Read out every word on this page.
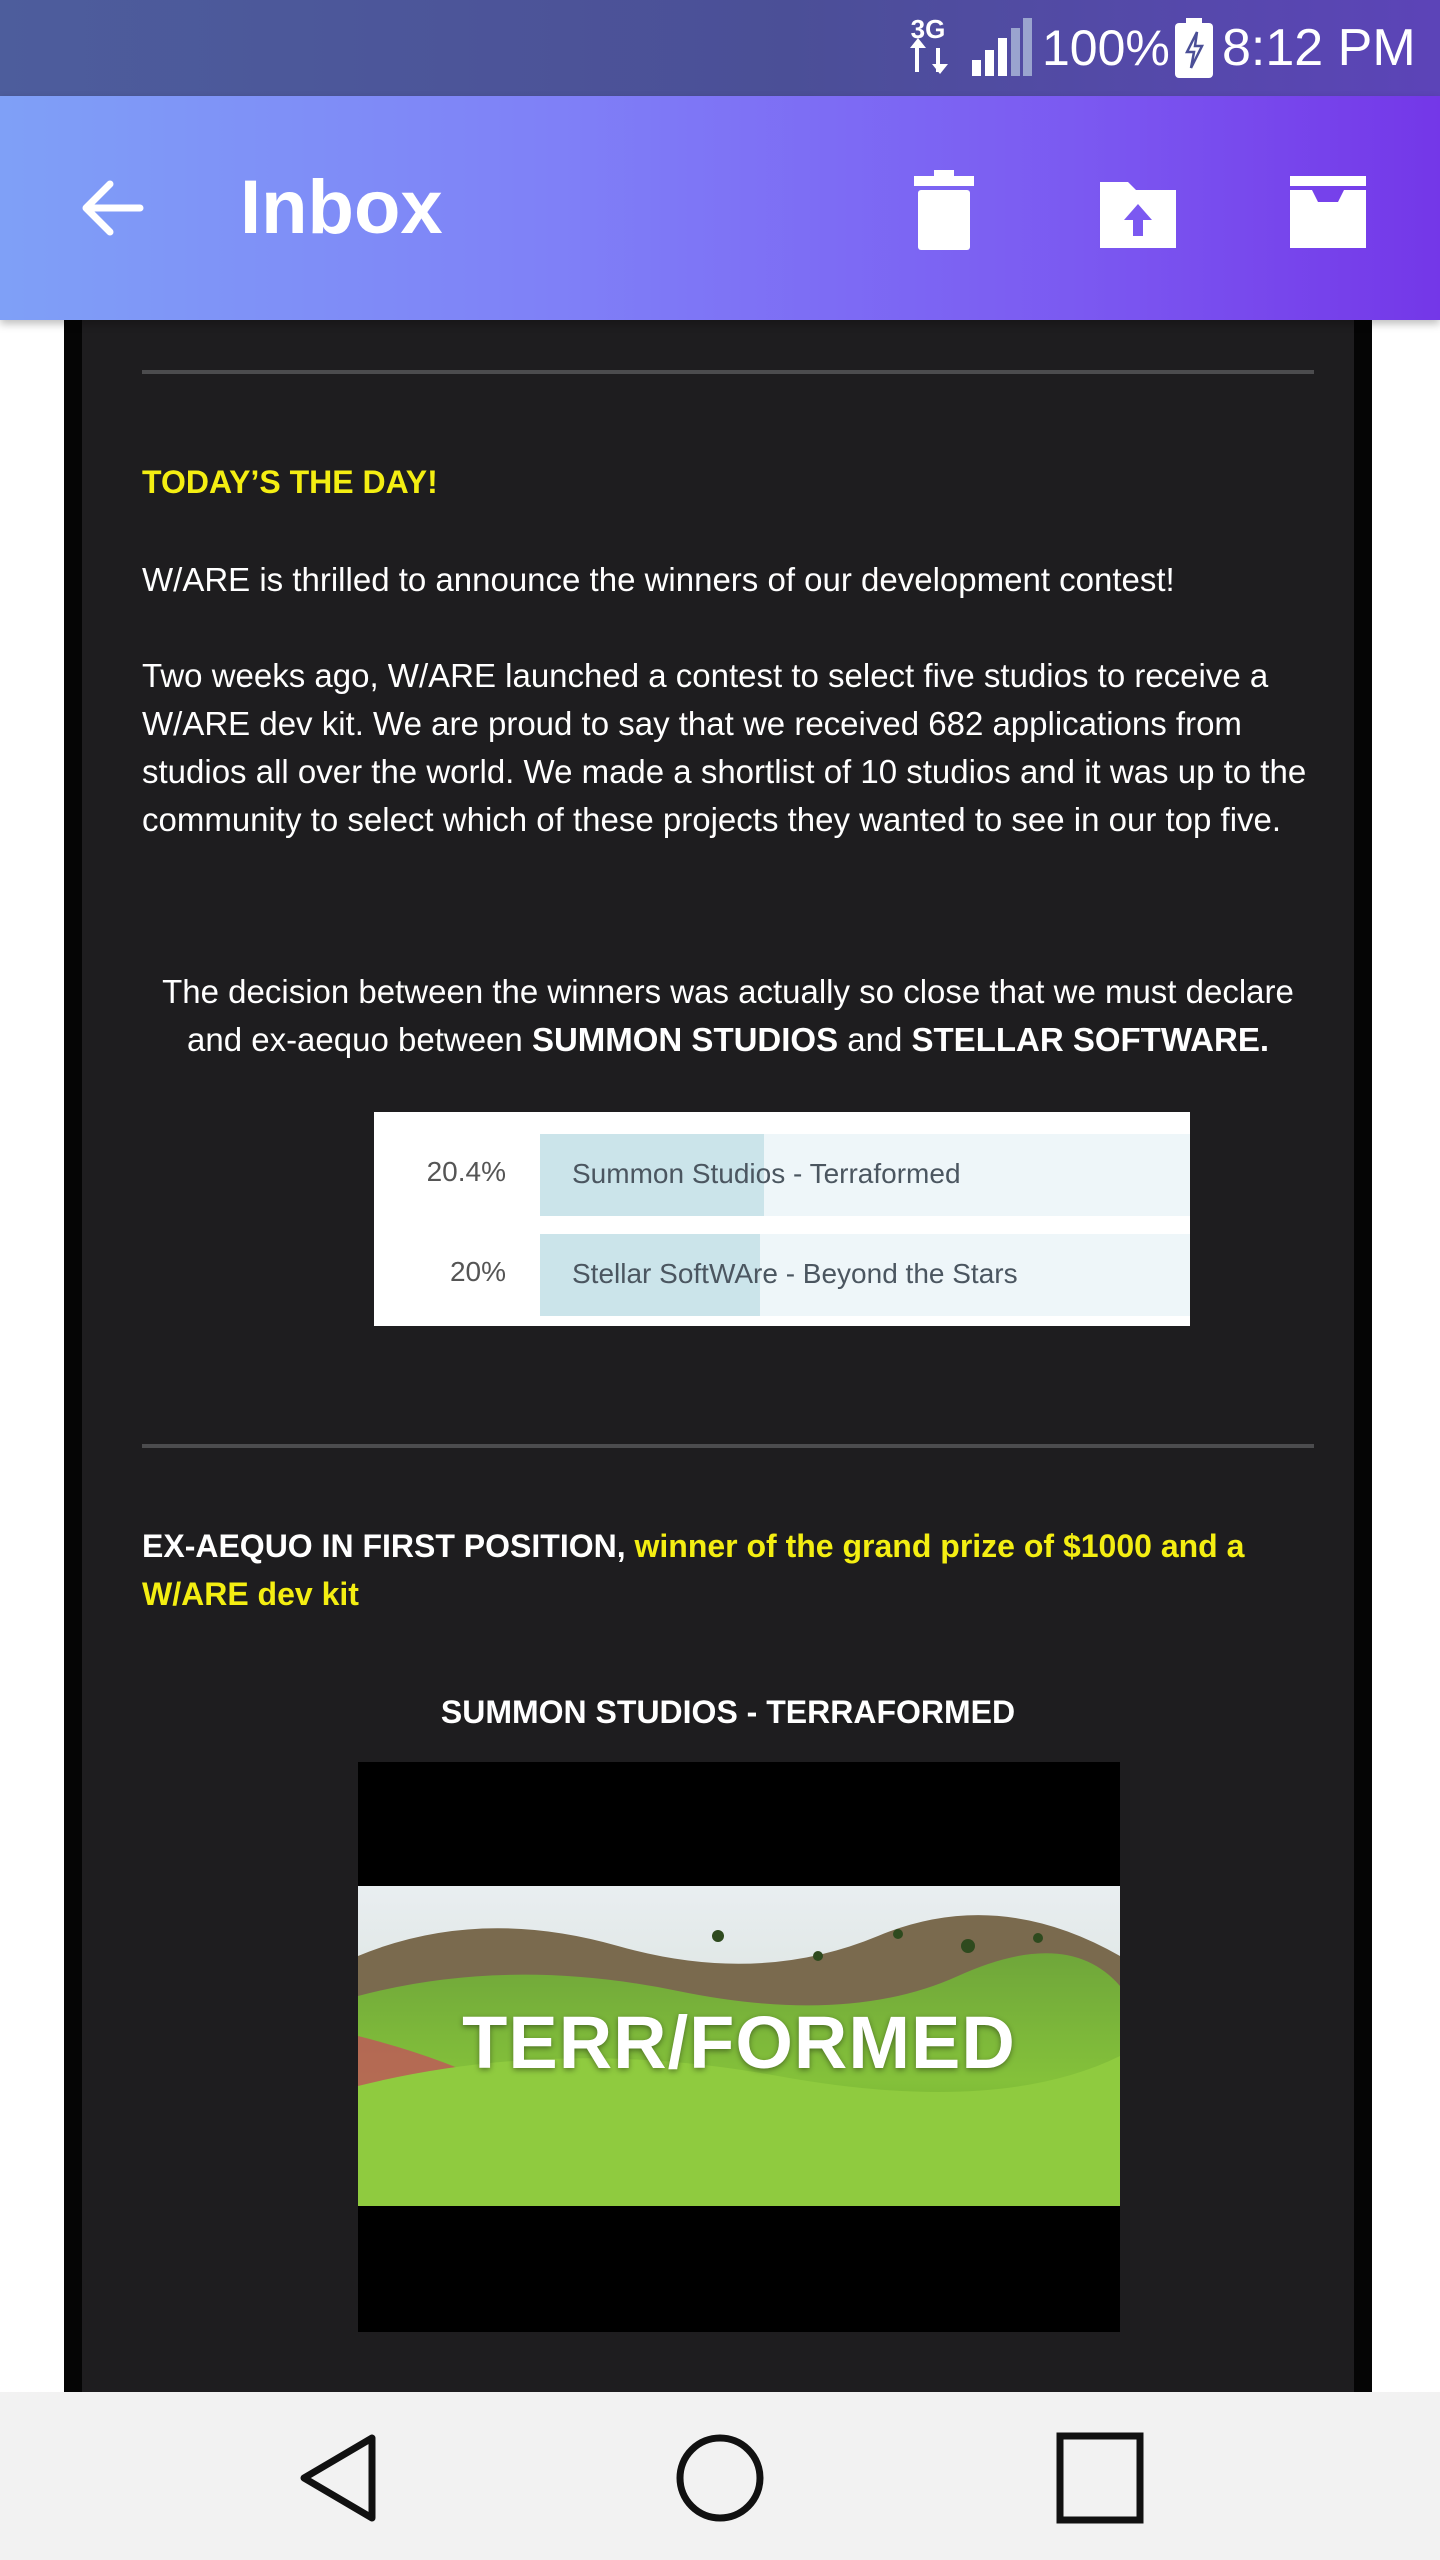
3G 100% 8:12 PM
Inbox
TODAY’S THE DAY!
W/ARE is thrilled to announce the winners of our development contest!
Two weeks ago, W/ARE launched a contest to select five studios to receive a W/ARE dev kit. We are proud to say that we received 682 applications from studios all over the world. We made a shortlist of 10 studios and it was up to the community to select which of these projects they wanted to see in our top five.
The decision between the winners was actually so close that we must declare and ex-aequo between SUMMON STUDIOS and STELLAR SOFTWARE.
20.4% Summon Studios - Terraformed
20% Stellar SoftWAre - Beyond the Stars
EX-AEQUO IN FIRST POSITION, winner of the grand prize of $1000 and a W/ARE dev kit
SUMMON STUDIOS - TERRAFORMED
TERR/FORMED
